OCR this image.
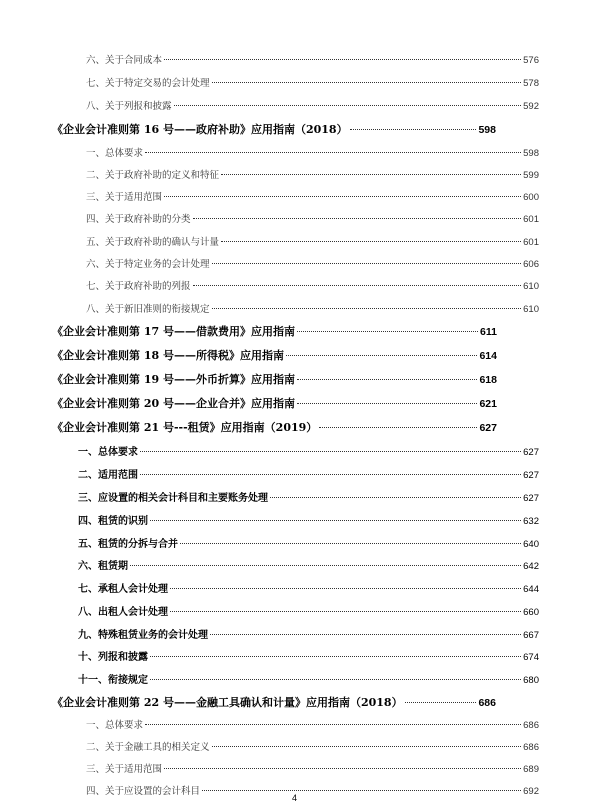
六、关于合同成本	576
七、关于特定交易的会计处理	578
八、关于列报和披露	592
《企业会计准则第 16 号——政府补助》应用指南（2018）	598
一、总体要求	598
二、关于政府补助的定义和特征	599
三、关于适用范围	600
四、关于政府补助的分类	601
五、关于政府补助的确认与计量	601
六、关于特定业务的会计处理	606
七、关于政府补助的列报	610
八、关于新旧准则的衔接规定	610
《企业会计准则第 17 号——借款费用》应用指南	611
《企业会计准则第 18 号——所得税》应用指南	614
《企业会计准则第 19 号——外币折算》应用指南	618
《企业会计准则第 20 号——企业合并》应用指南	621
《企业会计准则第 21 号---租赁》应用指南（2019）	627
一、总体要求	627
二、适用范围	627
三、应设置的相关会计科目和主要账务处理	627
四、租赁的识别	632
五、租赁的分拆与合并	640
六、租赁期	642
七、承租人会计处理	644
八、出租人会计处理	660
九、特殊租赁业务的会计处理	667
十、列报和披露	674
十一、衔接规定	680
《企业会计准则第 22 号——金融工具确认和计量》应用指南（2018）	686
一、总体要求	686
二、关于金融工具的相关定义	686
三、关于适用范围	689
四、关于应设置的会计科目	692
4
